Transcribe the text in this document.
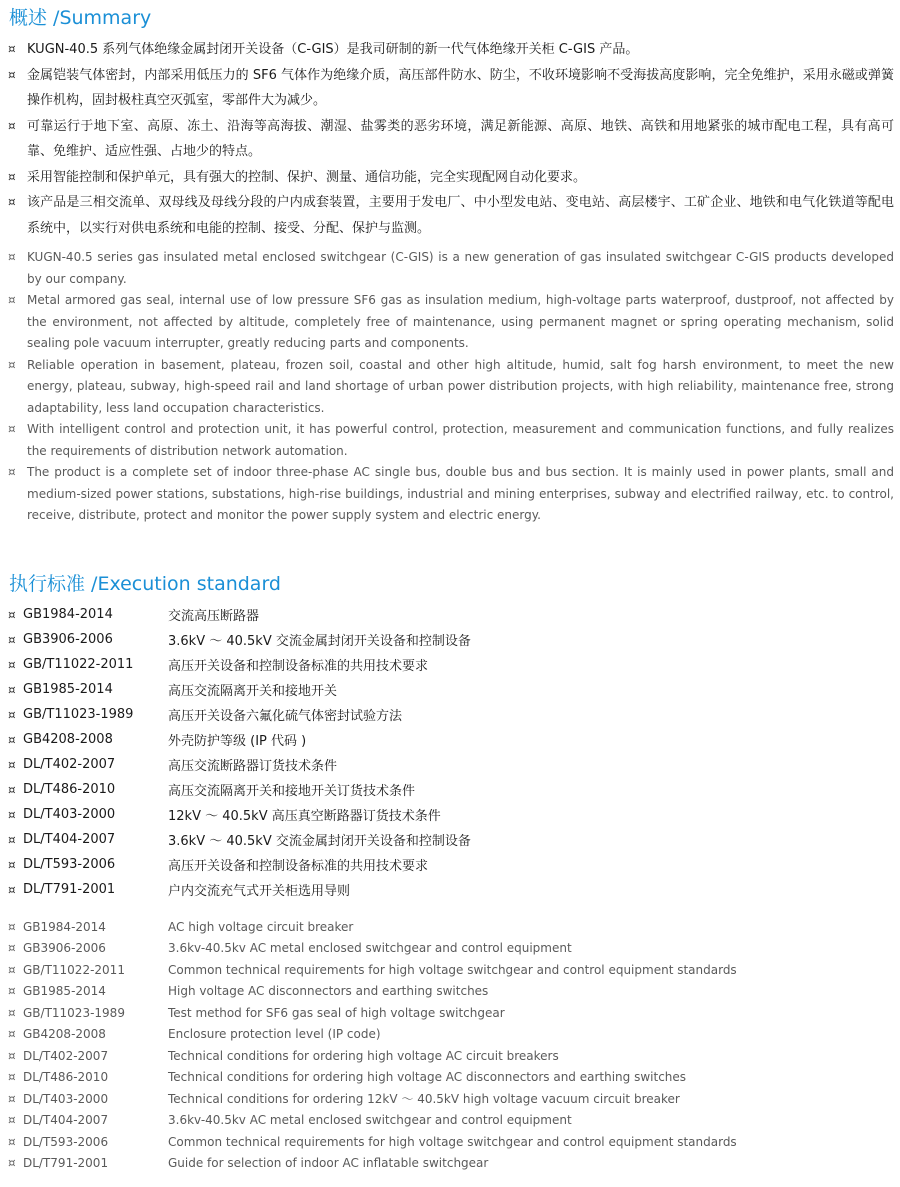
概述 /Summary
¤ KUGN-40.5 系列气体绝缘金属封闭开关设备（C-GIS）是我司研制的新一代气体绝缘开关柜 C-GIS 产品。
¤ 金属铠装气体密封，内部采用低压力的 SF6 气体作为绝缘介质，高压部件防水、防尘，不收环境影响不受海拔高度影响，完全免维护，采用永磁或弹簧操作机构，固封极柱真空灭弧室，零部件大为减少。
¤ 可靠运行于地下室、高原、冻土、沿海等高海拔、潮湿、盐雾类的恶劣环境，满足新能源、高原、地铁、高铁和用地紧张的城市配电工程，具有高可靠、免维护、适应性强、占地少的特点。
¤ 采用智能控制和保护单元，具有强大的控制、保护、测量、通信功能，完全实现配网自动化要求。
¤ 该产品是三相交流单、双母线及母线分段的户内成套装置，主要用于发电厂、中小型发电站、变电站、高层楼宇、工矿企业、地铁和电气化铁道等配电系统中，以实行对供电系统和电能的控制、接受、分配、保护与监测。
¤ KUGN-40.5 series gas insulated metal enclosed switchgear (C-GIS) is a new generation of gas insulated switchgear C-GIS products developed by our company.
¤ Metal armored gas seal, internal use of low pressure SF6 gas as insulation medium, high-voltage parts waterproof, dustproof, not affected by the environment, not affected by altitude, completely free of maintenance, using permanent magnet or spring operating mechanism, solid sealing pole vacuum interrupter, greatly reducing parts and components.
¤ Reliable operation in basement, plateau, frozen soil, coastal and other high altitude, humid, salt fog harsh environment, to meet the new energy, plateau, subway, high-speed rail and land shortage of urban power distribution projects, with high reliability, maintenance free, strong adaptability, less land occupation characteristics.
¤ With intelligent control and protection unit, it has powerful control, protection, measurement and communication functions, and fully realizes the requirements of distribution network automation.
¤ The product is a complete set of indoor three-phase AC single bus, double bus and bus section. It is mainly used in power plants, small and medium-sized power stations, substations, high-rise buildings, industrial and mining enterprises, subway and electrified railway, etc. to control, receive, distribute, protect and monitor the power supply system and electric energy.
执行标准 /Execution standard
¤ GB1984-2014	交流高压断路器
¤ GB3906-2006	3.6kV ～ 40.5kV 交流金属封闭开关设备和控制设备
¤ GB/T11022-2011	高压开关设备和控制设备标准的共用技术要求
¤ GB1985-2014	高压交流隔离开关和接地开关
¤ GB/T11023-1989	高压开关设备六氟化硫气体密封试验方法
¤ GB4208-2008	外壳防护等级 (IP 代码 )
¤ DL/T402-2007	高压交流断路器订货技术条件
¤ DL/T486-2010	高压交流隔离开关和接地开关订货技术条件
¤ DL/T403-2000	12kV ～ 40.5kV 高压真空断路器订货技术条件
¤ DL/T404-2007	3.6kV ～ 40.5kV 交流金属封闭开关设备和控制设备
¤ DL/T593-2006	高压开关设备和控制设备标准的共用技术要求
¤ DL/T791-2001	户内交流充气式开关柜选用导则
¤ GB1984-2014	AC high voltage circuit breaker
¤ GB3906-2006	3.6kv-40.5kv AC metal enclosed switchgear and control equipment
¤ GB/T11022-2011	Common technical requirements for high voltage switchgear and control equipment standards
¤ GB1985-2014	High voltage AC disconnectors and earthing switches
¤ GB/T11023-1989	Test method for SF6 gas seal of high voltage switchgear
¤ GB4208-2008	Enclosure protection level (IP code)
¤ DL/T402-2007	Technical conditions for ordering high voltage AC circuit breakers
¤ DL/T486-2010	Technical conditions for ordering high voltage AC disconnectors and earthing switches
¤ DL/T403-2000	Technical conditions for ordering 12kV ～ 40.5kV high voltage vacuum circuit breaker
¤ DL/T404-2007	3.6kv-40.5kv AC metal enclosed switchgear and control equipment
¤ DL/T593-2006	Common technical requirements for high voltage switchgear and control equipment standards
¤ DL/T791-2001	Guide for selection of indoor AC inflatable switchgear
